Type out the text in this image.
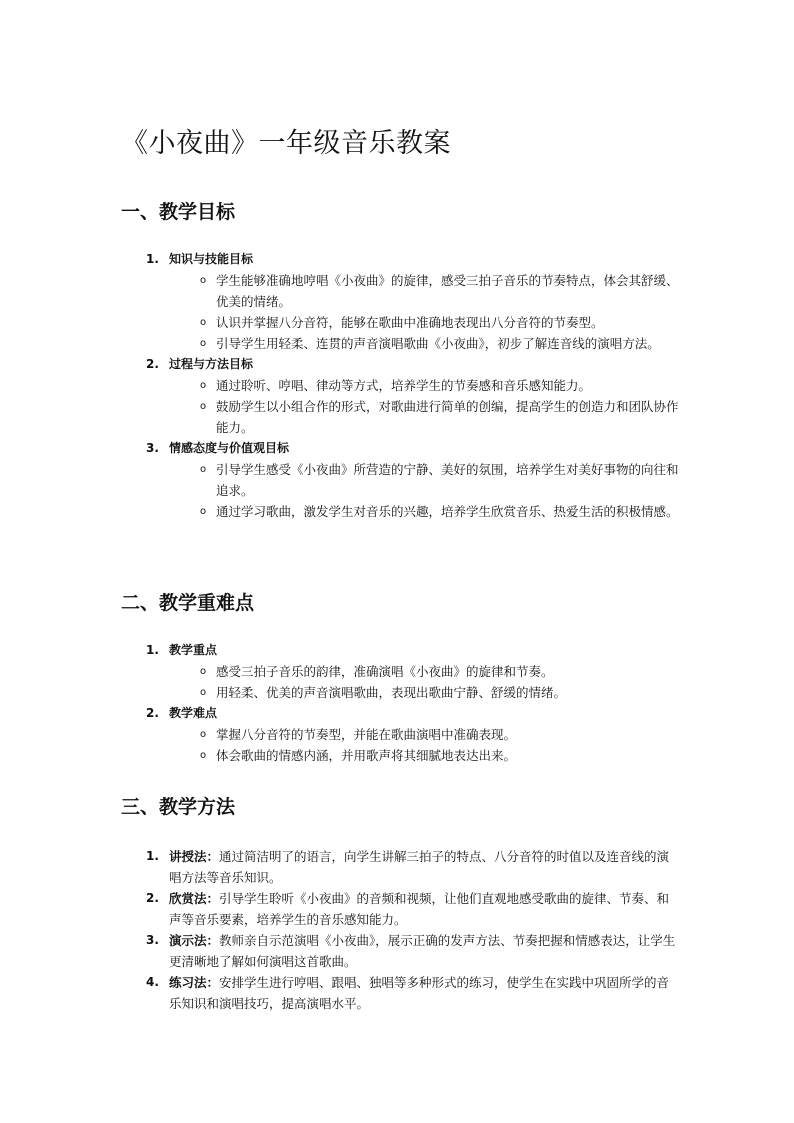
《小夜曲》一年级音乐教案
一、教学目标
1. 知识与技能目标
o 学生能够准确地哼唱《小夜曲》的旋律，感受三拍子音乐的节奏特点，体会其舒缓、优美的情绪。
o 认识并掌握八分音符，能够在歌曲中准确地表现出八分音符的节奏型。
o 引导学生用轻柔、连贯的声音演唱歌曲《小夜曲》，初步了解连音线的演唱方法。
2. 过程与方法目标
o 通过聆听、哼唱、律动等方式，培养学生的节奏感和音乐感知能力。
o 鼓励学生以小组合作的形式，对歌曲进行简单的创编，提高学生的创造力和团队协作能力。
3. 情感态度与价值观目标
o 引导学生感受《小夜曲》所营造的宁静、美好的氛围，培养学生对美好事物的向往和追求。
o 通过学习歌曲，激发学生对音乐的兴趣，培养学生欣赏音乐、热爱生活的积极情感。
二、教学重难点
1. 教学重点
o 感受三拍子音乐的韵律，准确演唱《小夜曲》的旋律和节奏。
o 用轻柔、优美的声音演唱歌曲，表现出歌曲宁静、舒缓的情绪。
2. 教学难点
o 掌握八分音符的节奏型，并能在歌曲演唱中准确表现。
o 体会歌曲的情感内涵，并用歌声将其细腻地表达出来。
三、教学方法
1. 讲授法：通过简洁明了的语言，向学生讲解三拍子的特点、八分音符的时值以及连音线的演唱方法等音乐知识。
2. 欣赏法：引导学生聆听《小夜曲》的音频和视频，让他们直观地感受歌曲的旋律、节奏、和声等音乐要素，培养学生的音乐感知能力。
3. 演示法：教师亲自示范演唱《小夜曲》，展示正确的发声方法、节奏把握和情感表达，让学生更清晰地了解如何演唱这首歌曲。
4. 练习法：安排学生进行哼唱、跟唱、独唱等多种形式的练习，使学生在实践中巩固所学的音乐知识和演唱技巧，提高演唱水平。
